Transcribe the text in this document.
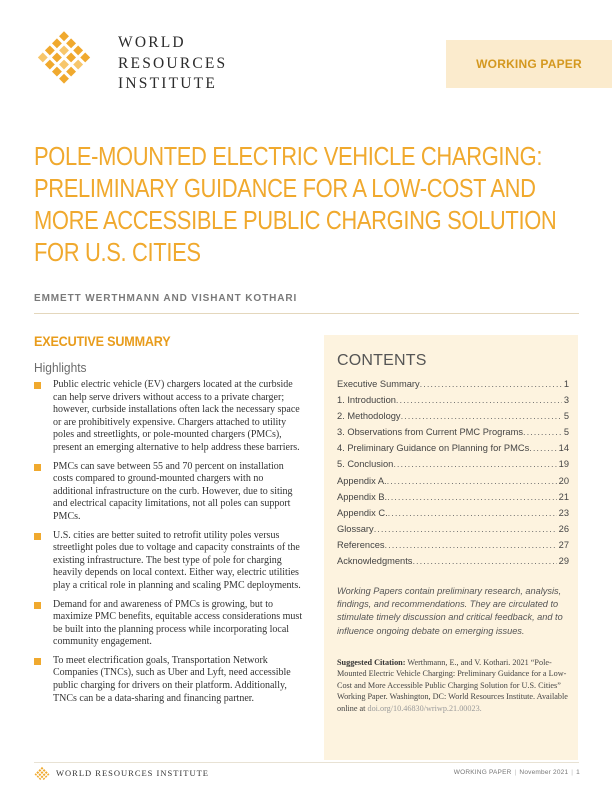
WORLD
RESOURCES
INSTITUTE
WORKING PAPER
POLE-MOUNTED ELECTRIC VEHICLE CHARGING:
PRELIMINARY GUIDANCE FOR A LOW-COST AND
MORE ACCESSIBLE PUBLIC CHARGING SOLUTION
FOR U.S. CITIES
EMMETT WERTHMANN AND VISHANT KOTHARI
EXECUTIVE SUMMARY
Highlights
Public electric vehicle (EV) chargers located at the curbside can help serve drivers without access to a private charger; however, curbside installations often lack the necessary space or are prohibitively expensive. Chargers attached to utility poles and streetlights, or pole-mounted chargers (PMCs), present an emerging alternative to help address these barriers.
PMCs can save between 55 and 70 percent on installation costs compared to ground-mounted chargers with no additional infrastructure on the curb. However, due to siting and electrical capacity limitations, not all poles can support PMCs.
U.S. cities are better suited to retrofit utility poles versus streetlight poles due to voltage and capacity constraints of the existing infrastructure. The best type of pole for charging heavily depends on local context. Either way, electric utilities play a critical role in planning and scaling PMC deployments.
Demand for and awareness of PMCs is growing, but to maximize PMC benefits, equitable access considerations must be built into the planning process while incorporating local community engagement.
To meet electrification goals, Transportation Network Companies (TNCs), such as Uber and Lyft, need accessible public charging for drivers on their platform. Additionally, TNCs can be a data-sharing and financing partner.
CONTENTS
Executive Summary .....	1
1. Introduction .....	3
2. Methodology .....	5
3. Observations from Current PMC Programs .....	5
4. Preliminary Guidance on Planning for PMCs .....	14
5. Conclusion .....	19
Appendix A. .....	20
Appendix B. .....	21
Appendix C. .....	23
Glossary .....	26
References .....	27
Acknowledgments .....	29
Working Papers contain preliminary research, analysis, findings, and recommendations. They are circulated to stimulate timely discussion and critical feedback, and to influence ongoing debate on emerging issues.
Suggested Citation: Werthmann, E., and V. Kothari. 2021 “Pole-Mounted Electric Vehicle Charging: Preliminary Guidance for a Low-Cost and More Accessible Public Charging Solution for U.S. Cities” Working Paper. Washington, DC: World Resources Institute. Available online at doi.org/10.46830/wriwp.21.00023.
WORLD RESOURCES INSTITUTE	WORKING PAPER | November 2021 | 1
